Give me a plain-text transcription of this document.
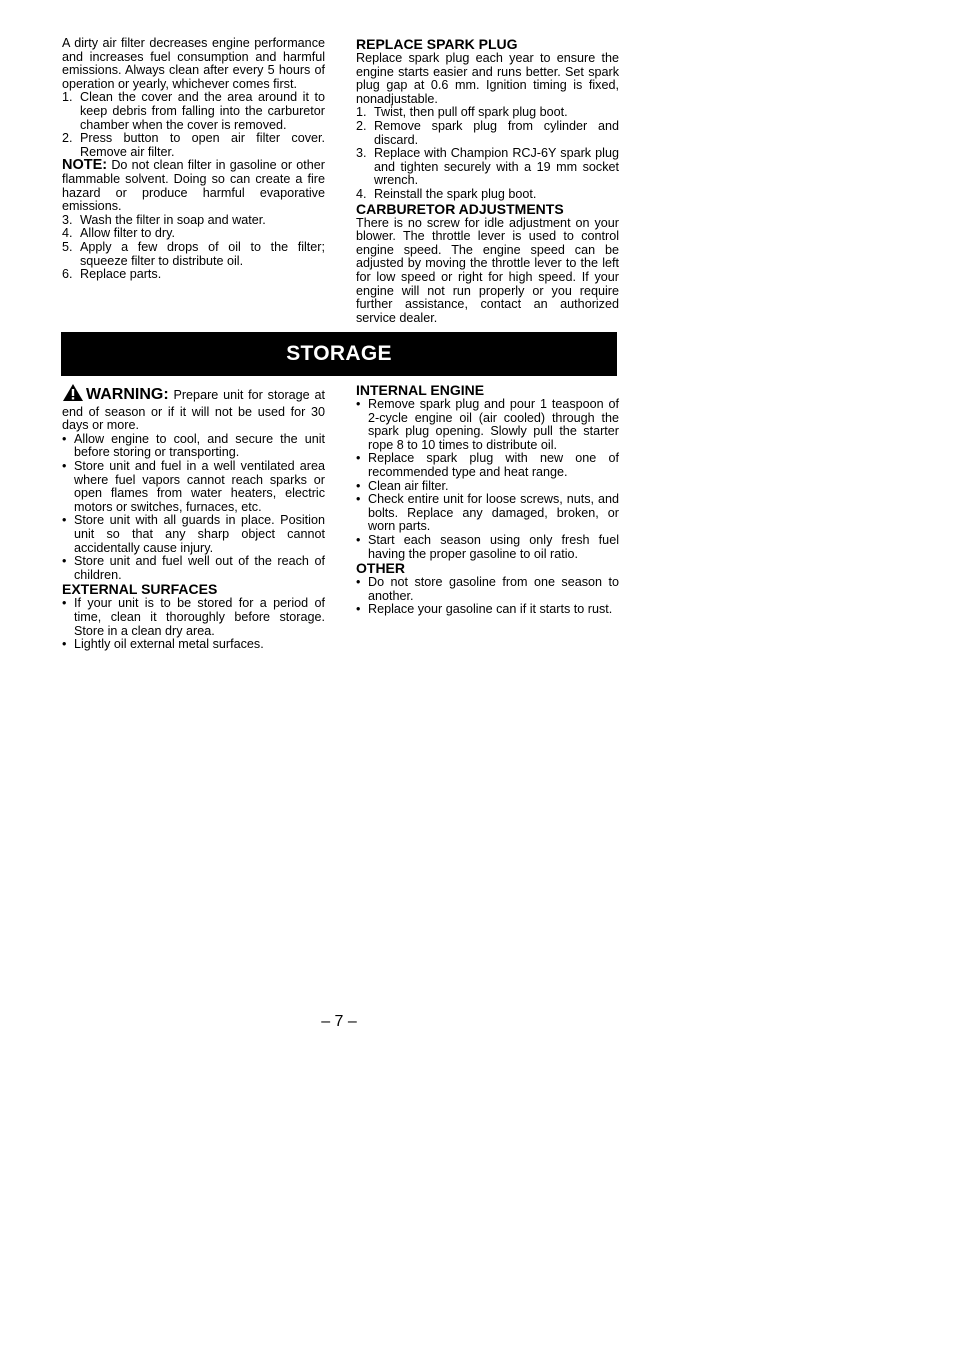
A dirty air filter decreases engine performance and increases fuel consumption and harmful emissions. Always clean after every 5 hours of operation or yearly, whichever comes first.

1. Clean the cover and the area around it to keep debris from falling into the carburetor chamber when the cover is removed.
2. Press button to open air filter cover. Remove air filter.

NOTE: Do not clean filter in gasoline or other flammable solvent. Doing so can create a fire hazard or produce harmful evaporative emissions.

3. Wash the filter in soap and water.
4. Allow filter to dry.
5. Apply a few drops of oil to the filter; squeeze filter to distribute oil.
6. Replace parts.
REPLACE SPARK PLUG

Replace spark plug each year to ensure the engine starts easier and runs better. Set spark plug gap at 0.6 mm. Ignition timing is fixed, nonadjustable.

1. Twist, then pull off spark plug boot.
2. Remove spark plug from cylinder and discard.
3. Replace with Champion RCJ-6Y spark plug and tighten securely with a 19 mm socket wrench.
4. Reinstall the spark plug boot.
CARBURETOR ADJUSTMENTS

There is no screw for idle adjustment on your blower. The throttle lever is used to control engine speed. The engine speed can be adjusted by moving the throttle lever to the left for low speed or right for high speed. If your engine will not run properly or you require further assistance, contact an authorized service dealer.

STORAGE

WARNING: Prepare unit for storage at end of season or if it will not be used for 30 days or more.

• Allow engine to cool, and secure the unit before storing or transporting.
• Store unit and fuel in a well ventilated area where fuel vapors cannot reach sparks or open flames from water heaters, electric motors or switches, furnaces, etc.
• Store unit with all guards in place. Position unit so that any sharp object cannot accidentally cause injury.
• Store unit and fuel well out of the reach of children.
EXTERNAL SURFACES
• If your unit is to be stored for a period of time, clean it thoroughly before storage. Store in a clean dry area.
• Lightly oil external metal surfaces.
INTERNAL ENGINE
• Remove spark plug and pour 1 teaspoon of 2-cycle engine oil (air cooled) through the spark plug opening. Slowly pull the starter rope 8 to 10 times to distribute oil.
• Replace spark plug with new one of recommended type and heat range.
• Clean air filter.
• Check entire unit for loose screws, nuts, and bolts. Replace any damaged, broken, or worn parts.
• Start each season using only fresh fuel having the proper gasoline to oil ratio.
OTHER
• Do not store gasoline from one season to another.
• Replace your gasoline can if it starts to rust.
– 7 –
